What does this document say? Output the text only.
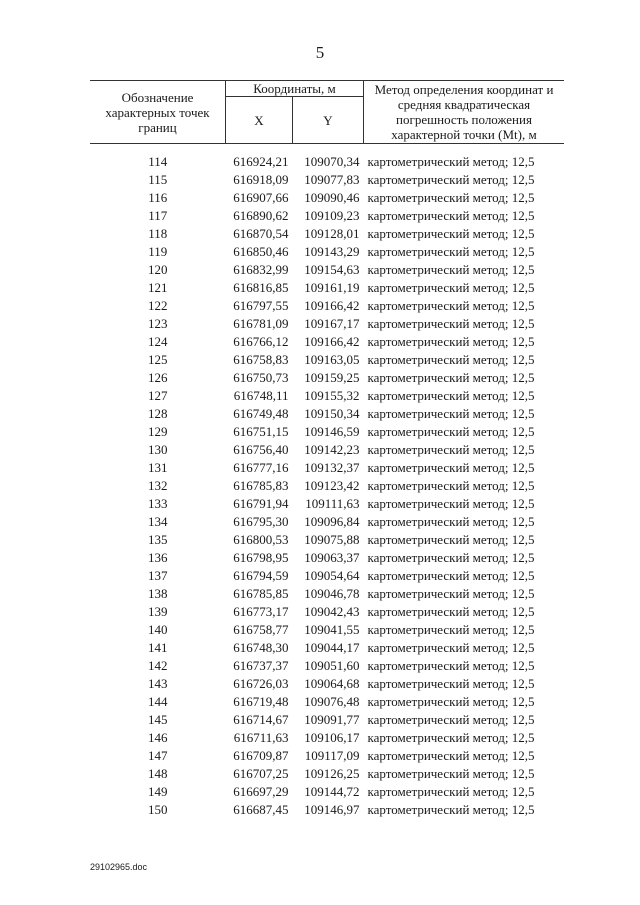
5
Обозначение характерных точек границ	Координаты, м		Метод определения координат и средняя квадратическая погрешность положения характерной точки (Mt), м
	X	Y	

114	616924,21	109070,34	картометрический метод; 12,5
115	616918,09	109077,83	картометрический метод; 12,5
116	616907,66	109090,46	картометрический метод; 12,5
117	616890,62	109109,23	картометрический метод; 12,5
118	616870,54	109128,01	картометрический метод; 12,5
119	616850,46	109143,29	картометрический метод; 12,5
120	616832,99	109154,63	картометрический метод; 12,5
121	616816,85	109161,19	картометрический метод; 12,5
122	616797,55	109166,42	картометрический метод; 12,5
123	616781,09	109167,17	картометрический метод; 12,5
124	616766,12	109166,42	картометрический метод; 12,5
125	616758,83	109163,05	картометрический метод; 12,5
126	616750,73	109159,25	картометрический метод; 12,5
127	616748,11	109155,32	картометрический метод; 12,5
128	616749,48	109150,34	картометрический метод; 12,5
129	616751,15	109146,59	картометрический метод; 12,5
130	616756,40	109142,23	картометрический метод; 12,5
131	616777,16	109132,37	картометрический метод; 12,5
132	616785,83	109123,42	картометрический метод; 12,5
133	616791,94	109111,63	картометрический метод; 12,5
134	616795,30	109096,84	картометрический метод; 12,5
135	616800,53	109075,88	картометрический метод; 12,5
136	616798,95	109063,37	картометрический метод; 12,5
137	616794,59	109054,64	картометрический метод; 12,5
138	616785,85	109046,78	картометрический метод; 12,5
139	616773,17	109042,43	картометрический метод; 12,5
140	616758,77	109041,55	картометрический метод; 12,5
141	616748,30	109044,17	картометрический метод; 12,5
142	616737,37	109051,60	картометрический метод; 12,5
143	616726,03	109064,68	картометрический метод; 12,5
144	616719,48	109076,48	картометрический метод; 12,5
145	616714,67	109091,77	картометрический метод; 12,5
146	616711,63	109106,17	картометрический метод; 12,5
147	616709,87	109117,09	картометрический метод; 12,5
148	616707,25	109126,25	картометрический метод; 12,5
149	616697,29	109144,72	картометрический метод; 12,5
150	616687,45	109146,97	картометрический метод; 12,5
29102965.doc
